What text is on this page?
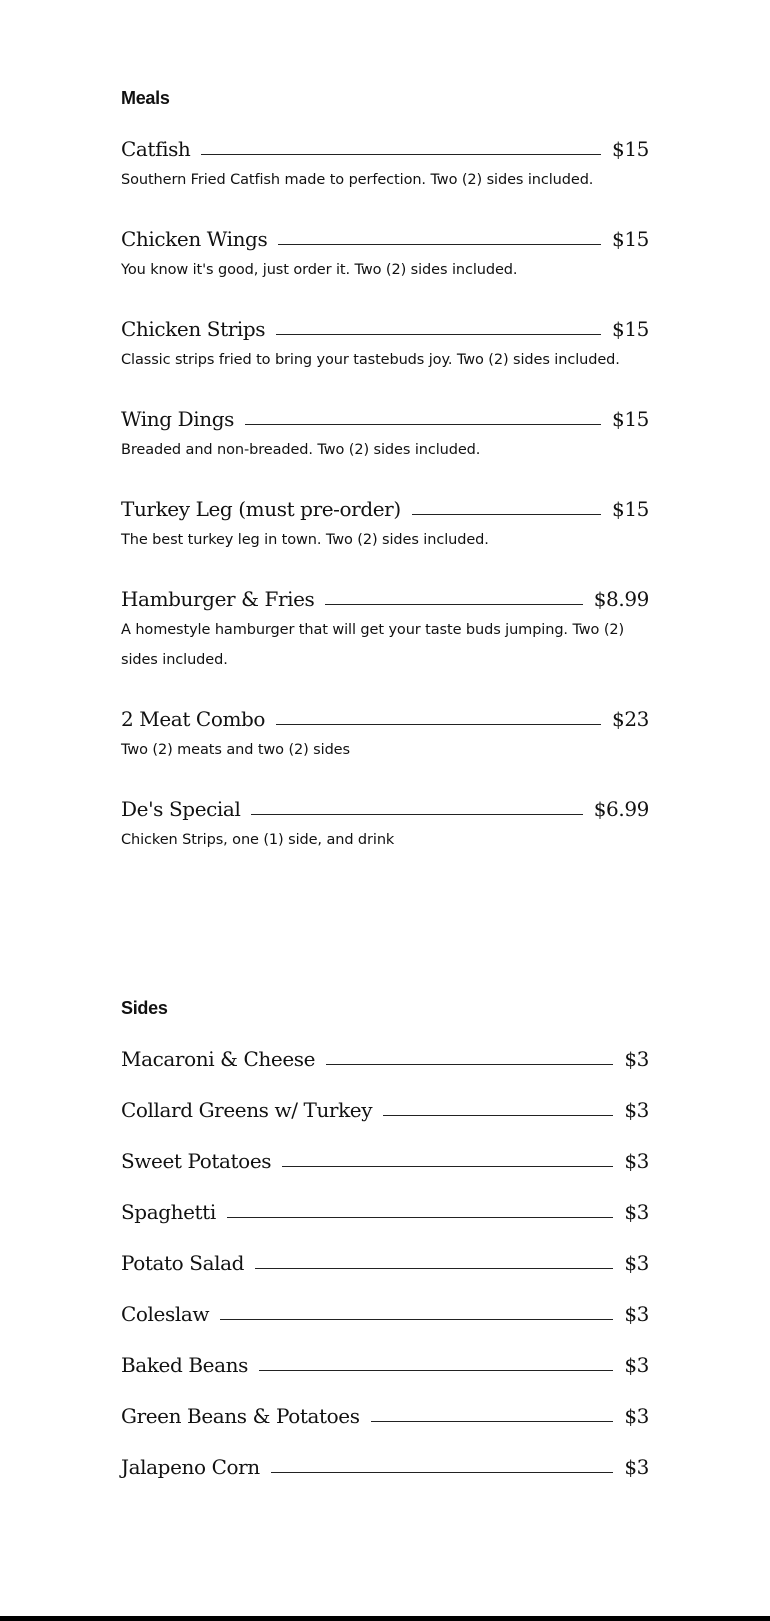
Meals
Catfish	$15
Southern Fried Catfish made to perfection. Two (2) sides included.
Chicken Wings	$15
You know it's good, just order it. Two (2) sides included.
Chicken Strips	$15
Classic strips fried to bring your tastebuds joy. Two (2) sides included.
Wing Dings	$15
Breaded and non-breaded. Two (2) sides included.
Turkey Leg (must pre-order)	$15
The best turkey leg in town. Two (2) sides included.
Hamburger & Fries	$8.99
A homestyle hamburger that will get your taste buds jumping. Two (2) sides included.
2 Meat Combo	$23
Two (2) meats and two (2) sides
De's Special	$6.99
Chicken Strips, one (1) side, and drink
Sides
Macaroni & Cheese	$3
Collard Greens w/ Turkey	$3
Sweet Potatoes	$3
Spaghetti	$3
Potato Salad	$3
Coleslaw	$3
Baked Beans	$3
Green Beans & Potatoes	$3
Jalapeno Corn	$3
